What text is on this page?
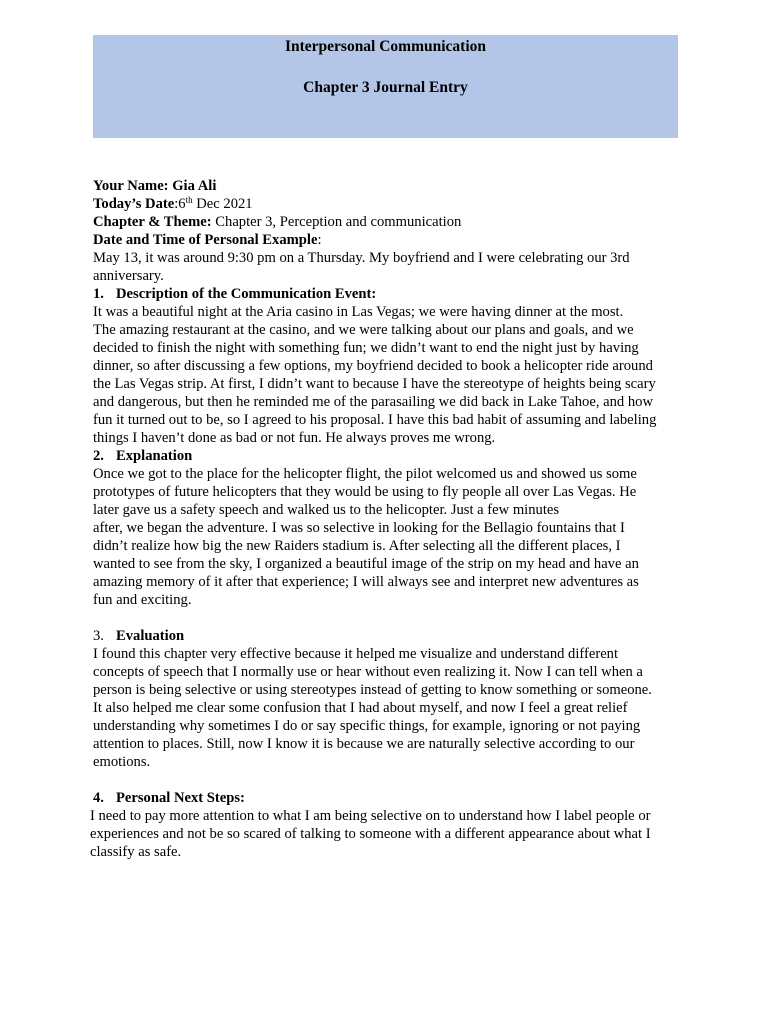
Interpersonal Communication
Chapter 3 Journal Entry
Your Name: Gia Ali
Today’s Date:6th Dec 2021
Chapter & Theme: Chapter 3, Perception and communication
Date and Time of Personal Example:
May 13, it was around 9:30 pm on a Thursday. My boyfriend and I were celebrating our 3rd
anniversary.
1. Description of the Communication Event:
It was a beautiful night at the Aria casino in Las Vegas; we were having dinner at the most.
The amazing restaurant at the casino, and we were talking about our plans and goals, and we
decided to finish the night with something fun; we didn’t want to end the night just by having
dinner, so after discussing a few options, my boyfriend decided to book a helicopter ride around
the Las Vegas strip. At first, I didn’t want to because I have the stereotype of heights being scary
and dangerous, but then he reminded me of the parasailing we did back in Lake Tahoe, and how
fun it turned out to be, so I agreed to his proposal. I have this bad habit of assuming and labeling
things I haven’t done as bad or not fun. He always proves me wrong.
2. Explanation
Once we got to the place for the helicopter flight, the pilot welcomed us and showed us some
prototypes of future helicopters that they would be using to fly people all over Las Vegas. He
later gave us a safety speech and walked us to the helicopter. Just a few minutes
after, we began the adventure. I was so selective in looking for the Bellagio fountains that I
didn’t realize how big the new Raiders stadium is. After selecting all the different places, I
wanted to see from the sky, I organized a beautiful image of the strip on my head and have an
amazing memory of it after that experience; I will always see and interpret new adventures as
fun and exciting.
3. Evaluation
I found this chapter very effective because it helped me visualize and understand different
concepts of speech that I normally use or hear without even realizing it. Now I can tell when a
person is being selective or using stereotypes instead of getting to know something or someone.
It also helped me clear some confusion that I had about myself, and now I feel a great relief
understanding why sometimes I do or say specific things, for example, ignoring or not paying
attention to places. Still, now I know it is because we are naturally selective according to our
emotions.
4. Personal Next Steps:
I need to pay more attention to what I am being selective on to understand how I label people or
experiences and not be so scared of talking to someone with a different appearance about what I
classify as safe.
